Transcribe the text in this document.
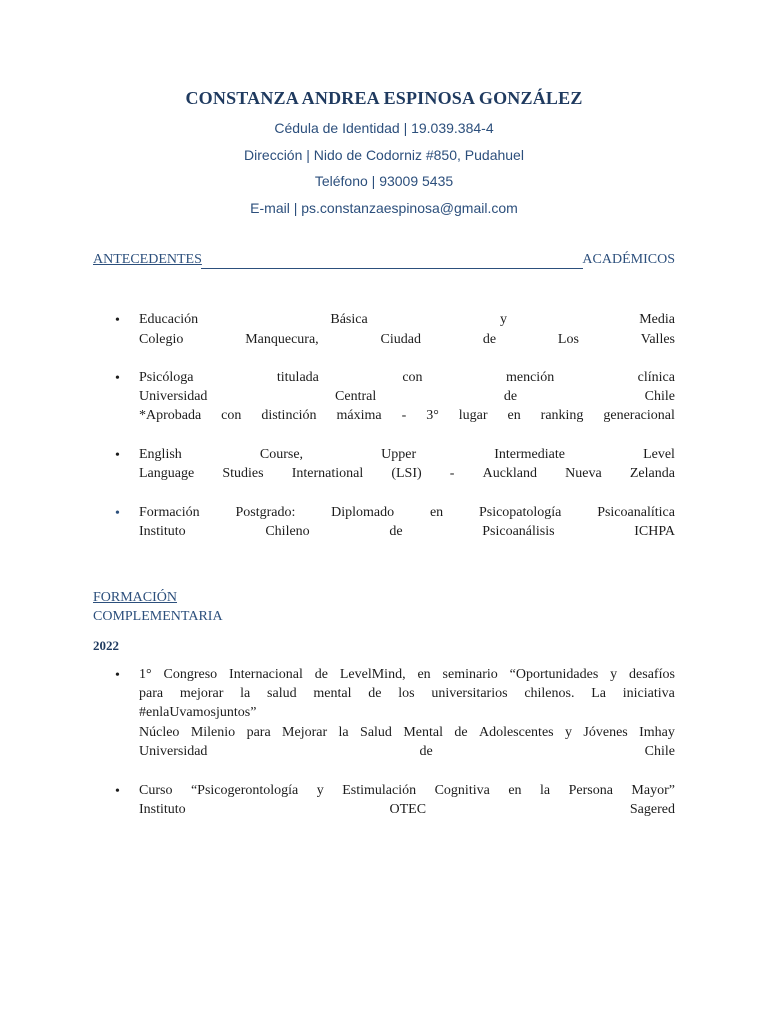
CONSTANZA ANDREA ESPINOSA GONZÁLEZ
Cédula de Identidad | 19.039.384-4
Dirección | Nido de Codorniz #850, Pudahuel
Teléfono | 93009 5435
E-mail | ps.constanzaespinosa@gmail.com
ANTECEDENTES	ACADÉMICOS
• Educación	Básica	y	Media
Colegio	Manquecura,	Ciudad	de	Los	Valles
• Psicóloga	titulada	con	mención	clínica
Universidad	Central	de	Chile
*Aprobada con distinción máxima - 3° lugar en ranking generacional
• English	Course,	Upper	Intermediate	Level
Language Studies International (LSI) - Auckland Nueva Zelanda
• Formación	Postgrado:	Diplomado	en	Psicopatología	Psicoanalítica
Instituto	Chileno	de	Psicoanálisis	ICHPA
FORMACIÓN
COMPLEMENTARIA
2022
• 1° Congreso Internacional de LevelMind, en seminario “Oportunidades y desafíos
para mejorar la salud mental de los universitarios chilenos. La iniciativa
#enlaUvamosjuntos”
Núcleo Milenio para Mejorar la Salud Mental de Adolescentes y Jóvenes Imhay
Universidad	de	Chile
• Curso “Psicogerontología y Estimulación Cognitiva en la Persona Mayor”
Instituto	OTEC	Sagered
